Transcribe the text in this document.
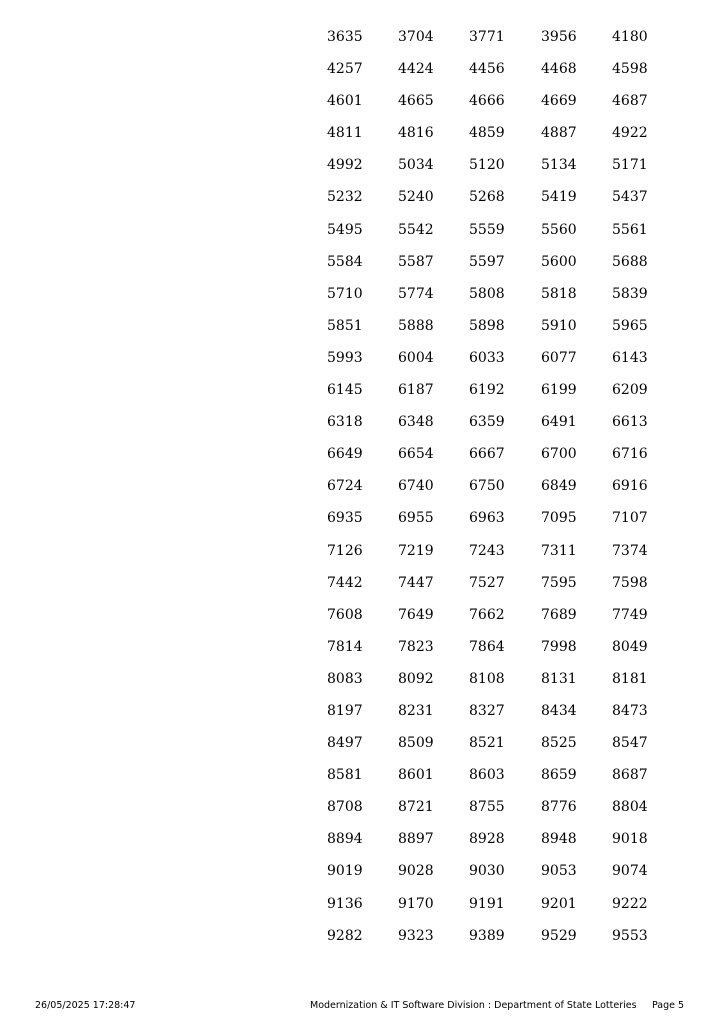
3635	3704	3771	3956	4180
4257	4424	4456	4468	4598
4601	4665	4666	4669	4687
4811	4816	4859	4887	4922
4992	5034	5120	5134	5171
5232	5240	5268	5419	5437
5495	5542	5559	5560	5561
5584	5587	5597	5600	5688
5710	5774	5808	5818	5839
5851	5888	5898	5910	5965
5993	6004	6033	6077	6143
6145	6187	6192	6199	6209
6318	6348	6359	6491	6613
6649	6654	6667	6700	6716
6724	6740	6750	6849	6916
6935	6955	6963	7095	7107
7126	7219	7243	7311	7374
7442	7447	7527	7595	7598
7608	7649	7662	7689	7749
7814	7823	7864	7998	8049
8083	8092	8108	8131	8181
8197	8231	8327	8434	8473
8497	8509	8521	8525	8547
8581	8601	8603	8659	8687
8708	8721	8755	8776	8804
8894	8897	8928	8948	9018
9019	9028	9030	9053	9074
9136	9170	9191	9201	9222
9282	9323	9389	9529	9553
26/05/2025 17:28:47	Modernization & IT Software Division : Department of State Lotteries Page 5
